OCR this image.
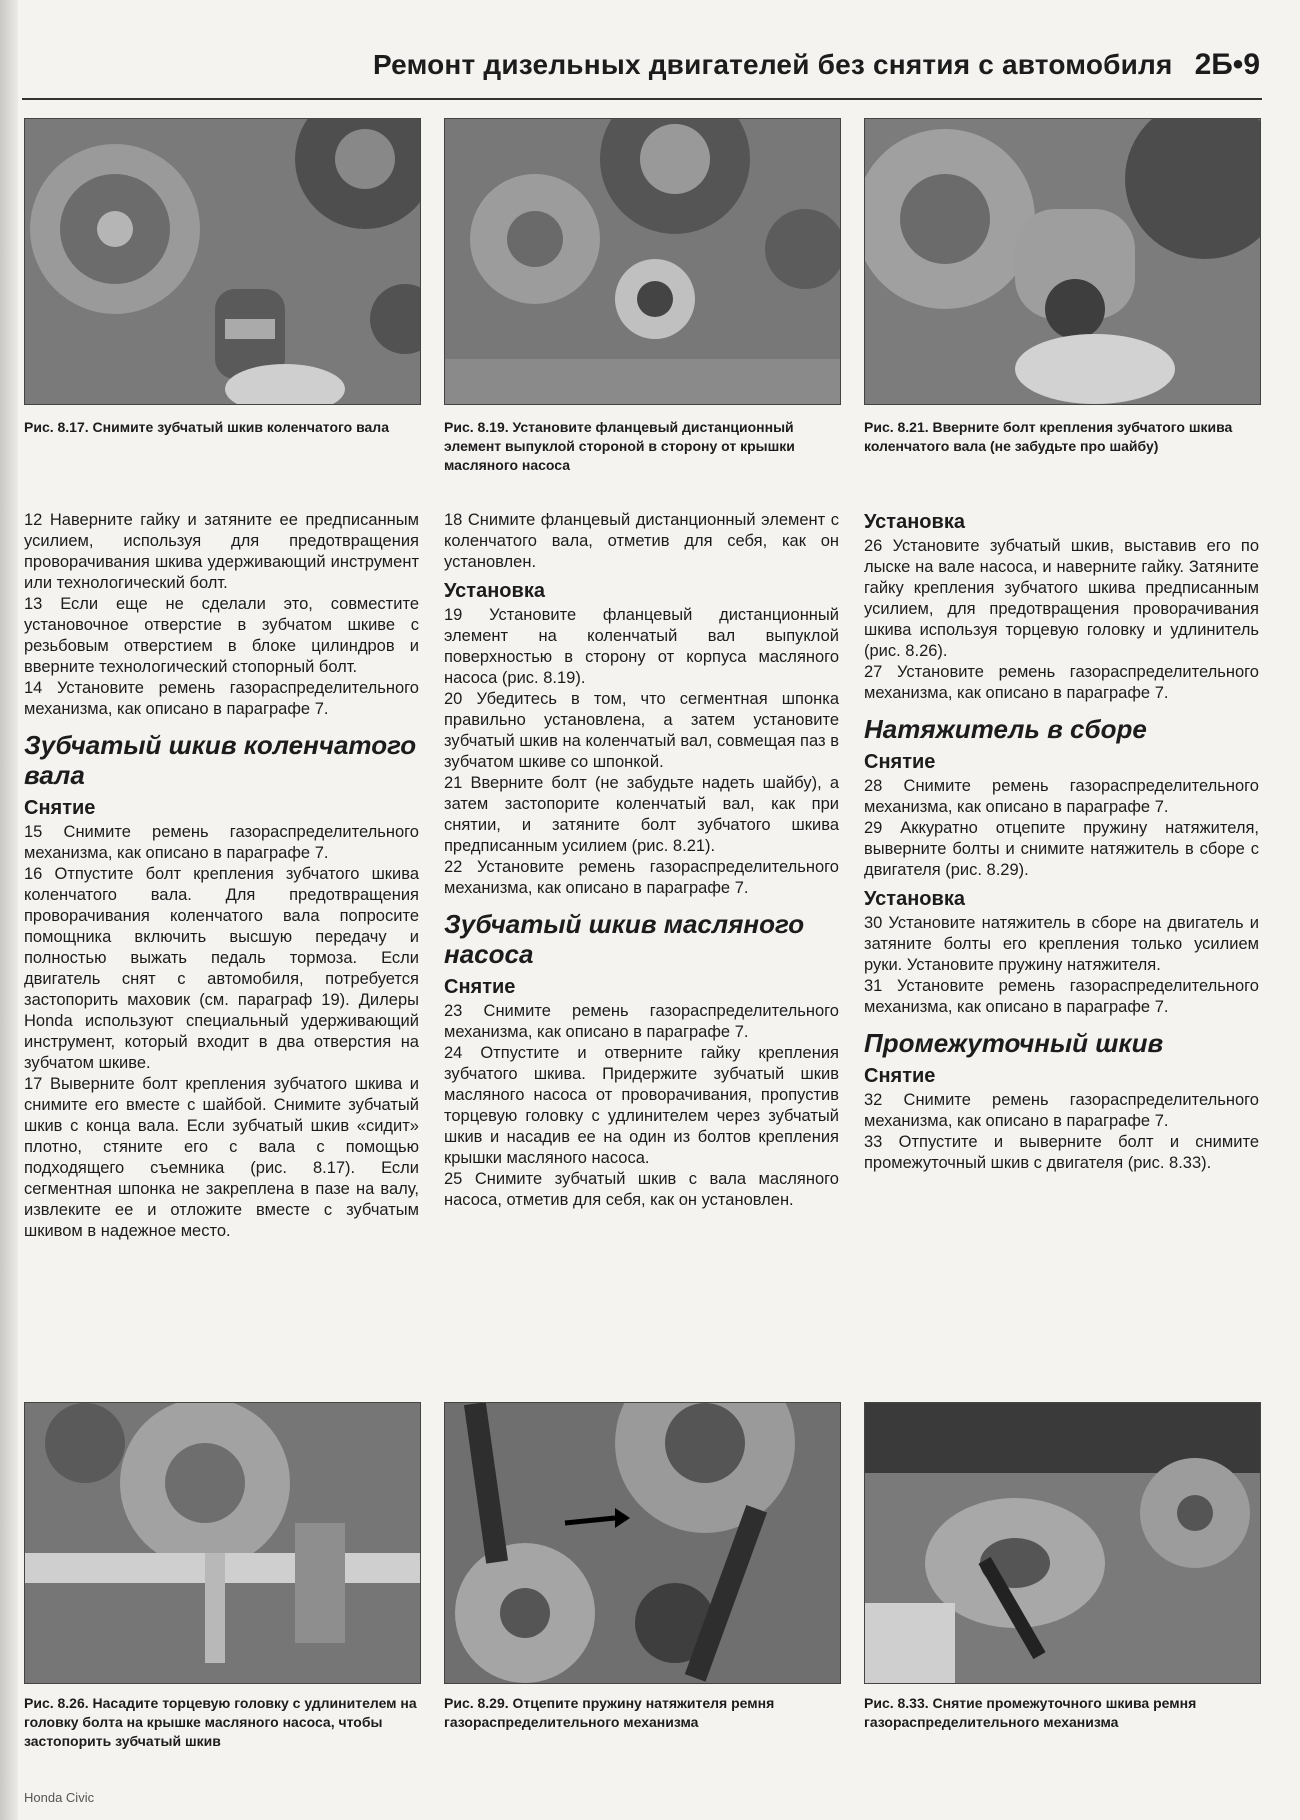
Ремонт дизельных двигателей без снятия с автомобиля 2Б•9
Рис. 8.17. Снимите зубчатый шкив коленчатого вала	Рис. 8.19. Установите фланцевый дистанционный элемент выпуклой стороной в сторону от крышки масляного насоса
Рис. 8.21. Вверните болт крепления зубчатого шкива коленчатого вала (не забудьте про шайбу)

12 Наверните гайку и затяните ее предписанным усилием, используя для предотвращения проворачивания шкива удерживающий инструмент или технологический болт.

13 Если еще не сделали это, совместите установочное отверстие в зубчатом шкиве с резьбовым отверстием в блоке цилиндров и вверните технологический стопорный болт.

14 Установите ремень газораспределительного механизма, как описано в параграфе 7.

Зубчатый шкив коленчатого вала
Снятие

15 Снимите ремень газораспределительного механизма, как описано в параграфе 7.

16 Отпустите болт крепления зубчатого шкива коленчатого вала. Для предотвращения проворачивания коленчатого вала попросите помощника включить высшую передачу и полностью выжать педаль тормоза. Если двигатель снят с автомобиля, потребуется застопорить маховик (см. параграф 19). Дилеры Honda используют специальный удерживающий инструмент, который входит в два отверстия на зубчатом шкиве.

17 Выверните болт крепления зубчатого шкива и снимите его вместе с шайбой. Снимите зубчатый шкив с конца вала. Если зубчатый шкив «сидит» плотно, стяните его с вала с помощью подходящего съемника (рис. 8.17). Если сегментная шпонка не закреплена в пазе на валу, извлеките ее и отложите вместе с зубчатым шкивом в надежное место.

18 Снимите фланцевый дистанционный элемент с коленчатого вала, отметив для себя, как он установлен.

Установка

19 Установите фланцевый дистанционный элемент на коленчатый вал выпуклой поверхностью в сторону от корпуса масляного насоса (рис. 8.19).

20 Убедитесь в том, что сегментная шпонка правильно установлена, а затем установите зубчатый шкив на коленчатый вал, совмещая паз в зубчатом шкиве со шпонкой.

21 Вверните болт (не забудьте надеть шайбу), а затем застопорите коленчатый вал, как при снятии, и затяните болт зубчатого шкива предписанным усилием (рис. 8.21).

22 Установите ремень газораспределительного механизма, как описано в параграфе 7.

Зубчатый шкив масляного насоса
Снятие

23 Снимите ремень газораспределительного механизма, как описано в параграфе 7.

24 Отпустите и отверните гайку крепления зубчатого шкива. Придержите зубчатый шкив масляного насоса от проворачивания, пропустив торцевую головку с удлинителем через зубчатый шкив и насадив ее на один из болтов крепления крышки масляного насоса.

25 Снимите зубчатый шкив с вала масляного насоса, отметив для себя, как он установлен.

Установка

26 Установите зубчатый шкив, выставив его по лыске на вале насоса, и наверните гайку. Затяните гайку крепления зубчатого шкива предписанным усилием, для предотвращения проворачивания шкива используя торцевую головку и удлинитель (рис. 8.26).

27 Установите ремень газораспределительного механизма, как описано в параграфе 7.

Натяжитель в сборе
Снятие

28 Снимите ремень газораспределительного механизма, как описано в параграфе 7.

29 Аккуратно отцепите пружину натяжителя, выверните болты и снимите натяжитель в сборе с двигателя (рис. 8.29).

Установка

30 Установите натяжитель в сборе на двигатель и затяните болты его крепления только усилием руки. Установите пружину натяжителя.

31 Установите ремень газораспределительного механизма, как описано в параграфе 7.

Промежуточный шкив
Снятие

32 Снимите ремень газораспределительного механизма, как описано в параграфе 7.

33 Отпустите и выверните болт и снимите промежуточный шкив с двигателя (рис. 8.33).

Рис. 8.26. Насадите торцевую головку с удлинителем на головку болта на крышке масляного насоса, чтобы застопорить зубчатый шкив
Рис. 8.29. Отцепите пружину натяжителя ремня газораспределительного механизма
Рис. 8.33. Снятие промежуточного шкива ремня газораспределительного механизма
Honda Civic
